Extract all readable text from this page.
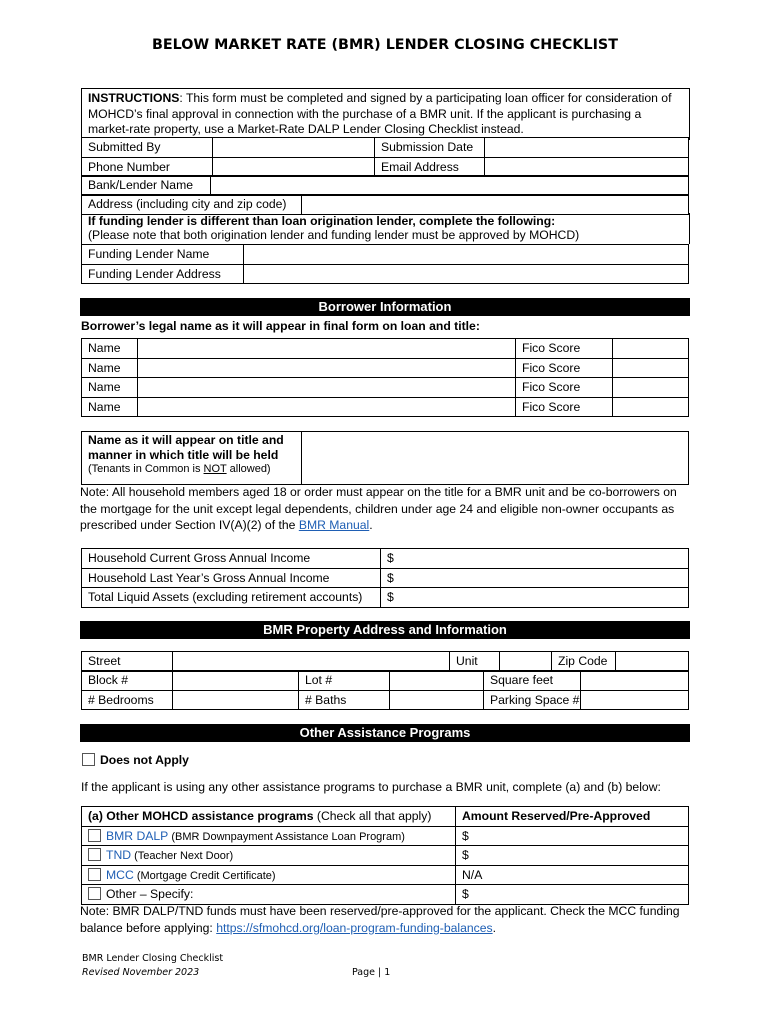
BELOW MARKET RATE (BMR) LENDER CLOSING CHECKLIST
INSTRUCTIONS: This form must be completed and signed by a participating loan officer for consideration of MOHCD’s final approval in connection with the purchase of a BMR unit. If the applicant is purchasing a market-rate property, use a Market-Rate DALP Lender Closing Checklist instead.
Submitted By		Submission Date	
Phone Number		Email Address	
Bank/Lender Name	
Address (including city and zip code)	
If funding lender is different than loan origination lender, complete the following:
(Please note that both origination lender and funding lender must be approved by MOHCD)
Funding Lender Name	
Funding Lender Address	
Borrower Information
Borrower’s legal name as it will appear in final form on loan and title:
Name		Fico Score	
Name		Fico Score	
Name		Fico Score	
Name		Fico Score	
Name as it will appear on title and manner in which title will be held
(Tenants in Common is NOT allowed)

Note: All household members aged 18 or order must appear on the title for a BMR unit and be co-borrowers on the mortgage for the unit except legal dependents, children under age 24 and eligible non-owner occupants as prescribed under Section IV(A)(2) of the BMR Manual.
Household Current Gross Annual Income	$
Household Last Year’s Gross Annual Income	$
Total Liquid Assets (excluding retirement accounts)	$
BMR Property Address and Information
Street		Unit		Zip Code	
Block #		Lot #		Square feet	
# Bedrooms		# Baths		Parking Space #	
Other Assistance Programs
Does not Apply
If the applicant is using any other assistance programs to purchase a BMR unit, complete (a) and (b) below:
(a) Other MOHCD assistance programs (Check all that apply)	Amount Reserved/Pre-Approved
BMR DALP (BMR Downpayment Assistance Loan Program)	$
TND (Teacher Next Door)	$
MCC (Mortgage Credit Certificate)	N/A
Other – Specify:	$
Note: BMR DALP/TND funds must have been reserved/pre-approved for the applicant. Check the MCC funding balance before applying: https://sfmohcd.org/loan-program-funding-balances.
BMR Lender Closing Checklist
Revised November 2023	Page | 1
